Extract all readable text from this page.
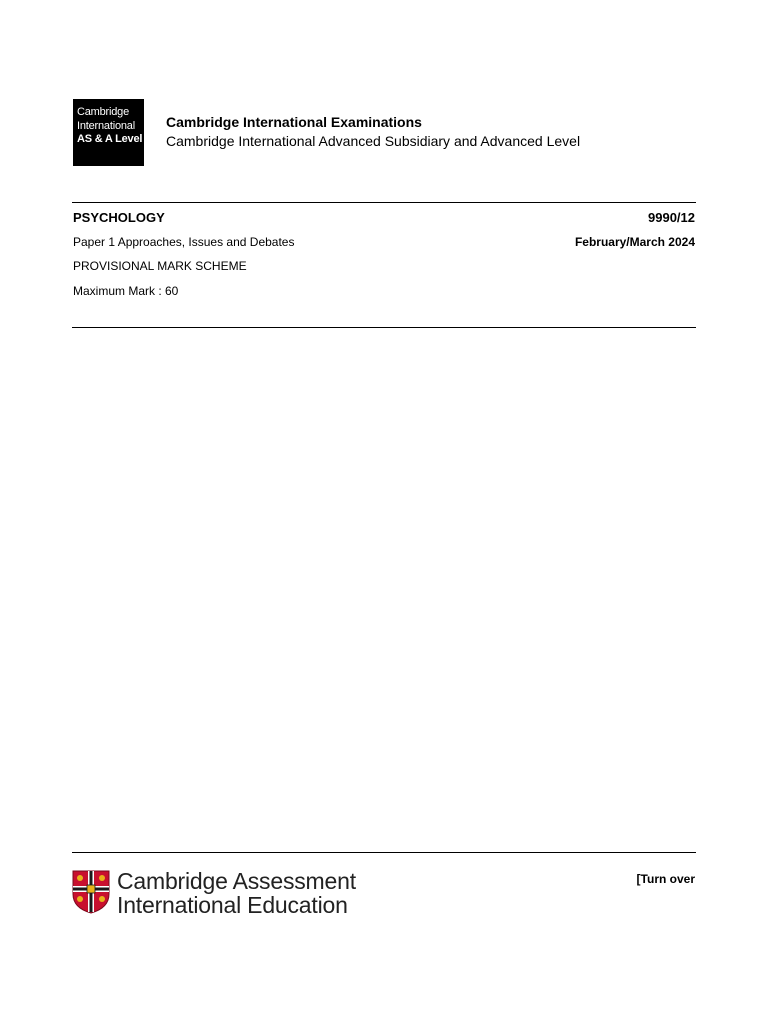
Cambridge
International
AS & A Level
Cambridge International Examinations
Cambridge International Advanced Subsidiary and Advanced Level
PSYCHOLOGY	9990/12
Paper 1 Approaches, Issues and Debates	February/March 2024
PROVISIONAL MARK SCHEME
Maximum Mark : 60
Cambridge Assessment
International Education
[Turn over
